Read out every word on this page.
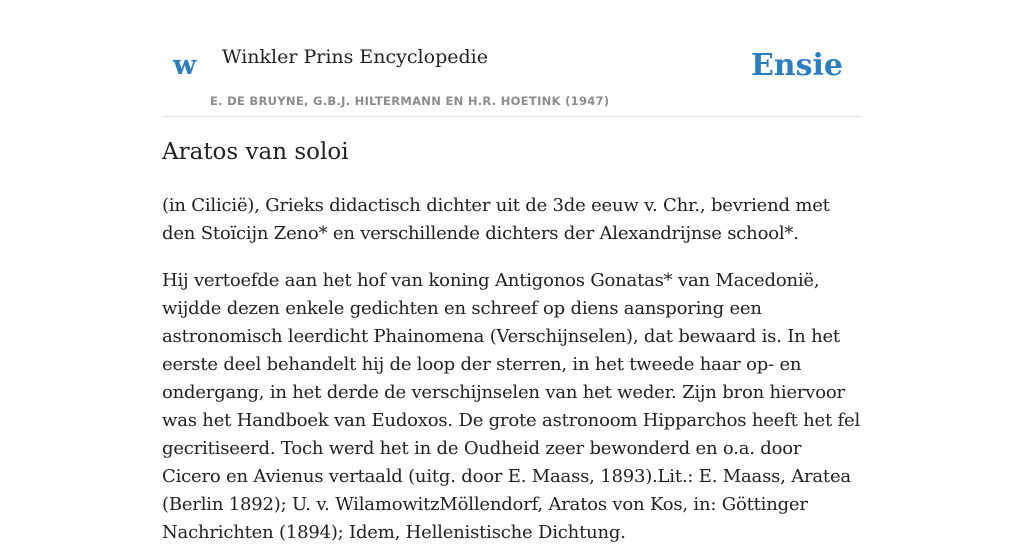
w Winkler Prins Encyclopedie
E. DE BRUYNE, G.B.J. HILTERMANN EN H.R. HOETINK (1947)
Ensie
Aratos van soloi

(in Cilicië), Grieks didactisch dichter uit de 3de eeuw v. Chr., bevriend met den Stoïcijn Zeno* en verschillende dichters der Alexandrijnse school*.

Hij vertoefde aan het hof van koning Antigonos Gonatas* van Macedonië, wijdde dezen enkele gedichten en schreef op diens aansporing een astronomisch leerdicht Phainomena (Verschijnselen), dat bewaard is. In het eerste deel behandelt hij de loop der sterren, in het tweede haar op- en ondergang, in het derde de verschijnselen van het weder. Zijn bron hiervoor was het Handboek van Eudoxos. De grote astronoom Hipparchos heeft het fel gecritiseerd. Toch werd het in de Oudheid zeer bewonderd en o.a. door Cicero en Avienus vertaald (uitg. door E. Maass, 1893).Lit.: E. Maass, Aratea (Berlin 1892); U. v. WilamowitzMöllendorf, Aratos von Kos, in: Göttinger Nachrichten (1894); Idem, Hellenistische Dichtung.
